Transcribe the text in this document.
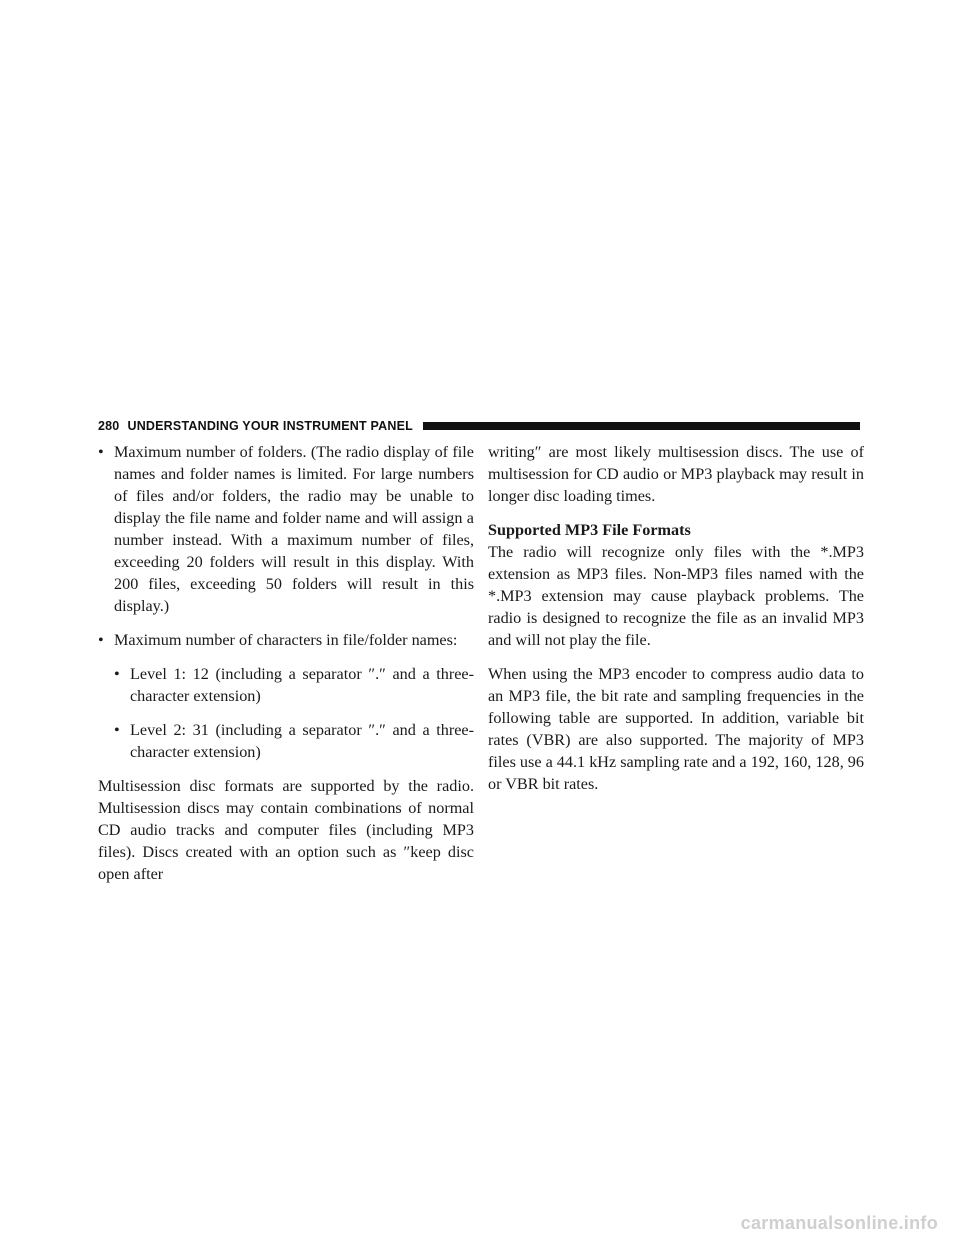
280 UNDERSTANDING YOUR INSTRUMENT PANEL
• Maximum number of folders. (The radio display of file names and folder names is limited. For large numbers of files and/or folders, the radio may be unable to display the file name and folder name and will assign a number instead. With a maximum number of files, exceeding 20 folders will result in this display. With 200 files, exceeding 50 folders will result in this display.)
• Maximum number of characters in file/folder names:
• Level 1: 12 (including a separator ″.″ and a three-character extension)
• Level 2: 31 (including a separator ″.″ and a three-character extension)

Multisession disc formats are supported by the radio. Multisession discs may contain combinations of normal CD audio tracks and computer files (including MP3 files). Discs created with an option such as ″keep disc open after

writing″ are most likely multisession discs. The use of multisession for CD audio or MP3 playback may result in longer disc loading times.

Supported MP3 File Formats

The radio will recognize only files with the *.MP3 extension as MP3 files. Non-MP3 files named with the *.MP3 extension may cause playback problems. The radio is designed to recognize the file as an invalid MP3 and will not play the file.

When using the MP3 encoder to compress audio data to an MP3 file, the bit rate and sampling frequencies in the following table are supported. In addition, variable bit rates (VBR) are also supported. The majority of MP3 files use a 44.1 kHz sampling rate and a 192, 160, 128, 96 or VBR bit rates.

carmanualsonline.info
